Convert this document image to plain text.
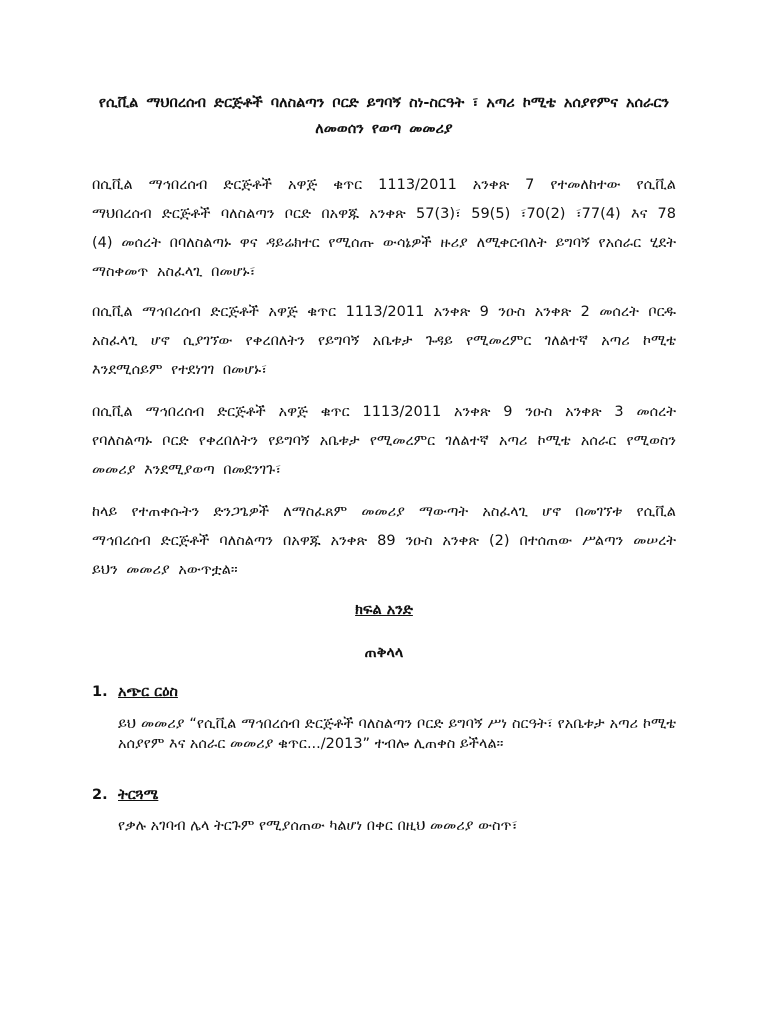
የሲቪል ማህበረሰብ ድርጅቶች ባለስልጣን ቦርድ ይግባኝ ስነ-ስርዓት ፣ አጣሪ ኮሚቴ አሰያየምና አሰራርን ለመወሰን የወጣ መመሪያ

በሲቪል ማኅበረሰብ ድርጅቶች አዋጅ ቁጥር 1113/2011 አንቀጽ 7 የተመለከተው የሲቪል ማህበረሰብ ድርጅቶች ባለስልጣን ቦርድ በአዋጁ አንቀጽ 57(3)፣ 59(5) ፣70(2) ፣77(4) እና 78 (4) መሰረት በባለስልጣኑ ዋና ዳይሬክተር የሚሰጡ ውሳኔዎች ዙሪያ ለሚቀርብለት ይግባኝ የአሰራር ሂደት ማስቀመጥ አስፈላጊ በመሆኑ፣

በሲቪል ማኅበረሰብ ድርጅቶች አዋጅ ቁጥር 1113/2011 አንቀጽ 9 ንዑስ አንቀጽ 2 መሰረት ቦርዱ አስፈላጊ ሆኖ ሲያገኘው የቀረበለትን የይግባኝ አቤቱታ ጉዳይ የሚመረምር ገለልተኛ አጣሪ ኮሚቴ እንደሚሰይም የተደነገገ በመሆኑ፣

በሲቪል ማኅበረሰብ ድርጅቶች አዋጅ ቁጥር 1113/2011 አንቀጽ 9 ንዑስ አንቀጽ 3 መሰረት የባለስልጣኑ ቦርድ የቀረበለትን የይግባኝ አቤቱታ የሚመረምር ገለልተኛ አጣሪ ኮሚቴ አሰራር የሚወስን መመሪያ እንደሚያወጣ በመደንገጉ፣

ከላይ የተጠቀሱትን ድንጋጌዎች ለማስፈጸም መመሪያ ማውጣት አስፈላጊ ሆኖ በመገኘቱ የሲቪል ማኅበረሰብ ድርጅቶች ባለስልጣን በአዋጁ አንቀጽ 89 ንዑስ አንቀጽ (2) በተሰጠው ሥልጣን መሠረት ይህን መመሪያ አውጥቷል።

ክፍል አንድ
ጠቅላላ
1. አጭር ርዕስ

ይህ መመሪያ “የሲቪል ማኅበረሰብ ድርጅቶች ባለስልጣን ቦርድ ይግባኝ ሥነ ስርዓት፣ የአቤቱታ አጣሪ ኮሚቴ አሰያየም እና አሰራር መመሪያ ቁጥር.../2013” ተብሎ ሊጠቀስ ይችላል።

2. ትርጓሜ

የቃሉ አገባብ ሌላ ትርጉም የሚያሰጠው ካልሆነ በቀር በዚህ መመሪያ ውስጥ፣
